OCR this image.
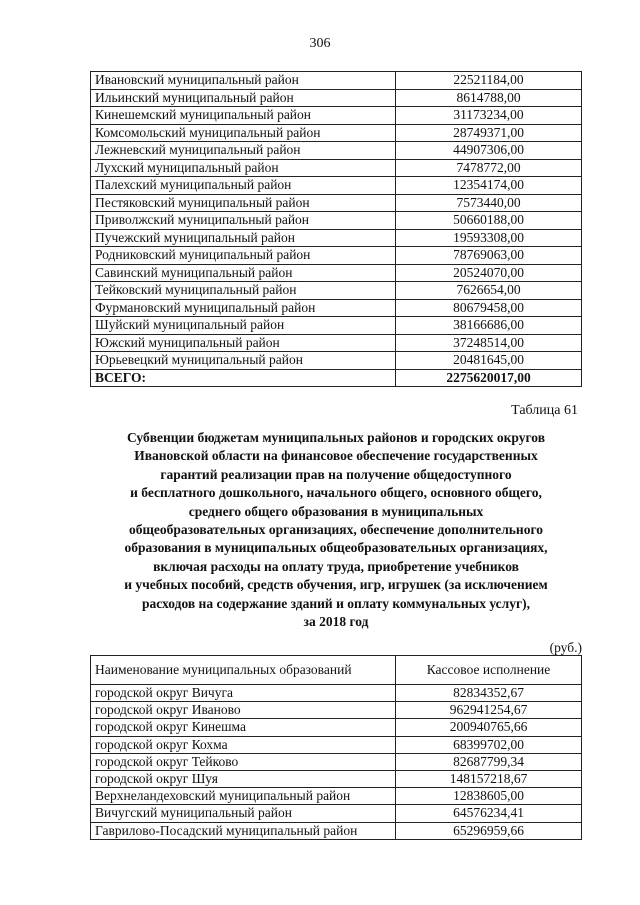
306
Ивановский муниципальный район	22521184,00
Ильинский муниципальный район	8614788,00
Кинешемский муниципальный район	31173234,00
Комсомольский муниципальный район	28749371,00
Лежневский муниципальный район	44907306,00
Лухский муниципальный район	7478772,00
Палехский муниципальный район	12354174,00
Пестяковский муниципальный район	7573440,00
Приволжский муниципальный район	50660188,00
Пучежский муниципальный район	19593308,00
Родниковский муниципальный район	78769063,00
Савинский муниципальный район	20524070,00
Тейковский муниципальный район	7626654,00
Фурмановский муниципальный район	80679458,00
Шуйский муниципальный район	38166686,00
Южский муниципальный район	37248514,00
Юрьевецкий муниципальный район	20481645,00
ВСЕГО:	2275620017,00
Таблица 61
Субвенции бюджетам муниципальных районов и городских округов
Ивановской области на финансовое обеспечение государственных
гарантий реализации прав на получение общедоступного
и бесплатного дошкольного, начального общего, основного общего,
среднего общего образования в муниципальных
общеобразовательных организациях, обеспечение дополнительного
образования в муниципальных общеобразовательных организациях,
включая расходы на оплату труда, приобретение учебников
и учебных пособий, средств обучения, игр, игрушек (за исключением
расходов на содержание зданий и оплату коммунальных услуг),
за 2018 год
(руб.)
Наименование муниципальных образований	Кассовое исполнение
городской округ Вичуга	82834352,67
городской округ Иваново	962941254,67
городской округ Кинешма	200940765,66
городской округ Кохма	68399702,00
городской округ Тейково	82687799,34
городской округ Шуя	148157218,67
Верхнеландеховский муниципальный район	12838605,00
Вичугский муниципальный район	64576234,41
Гаврилово-Посадский муниципальный район	65296959,66
